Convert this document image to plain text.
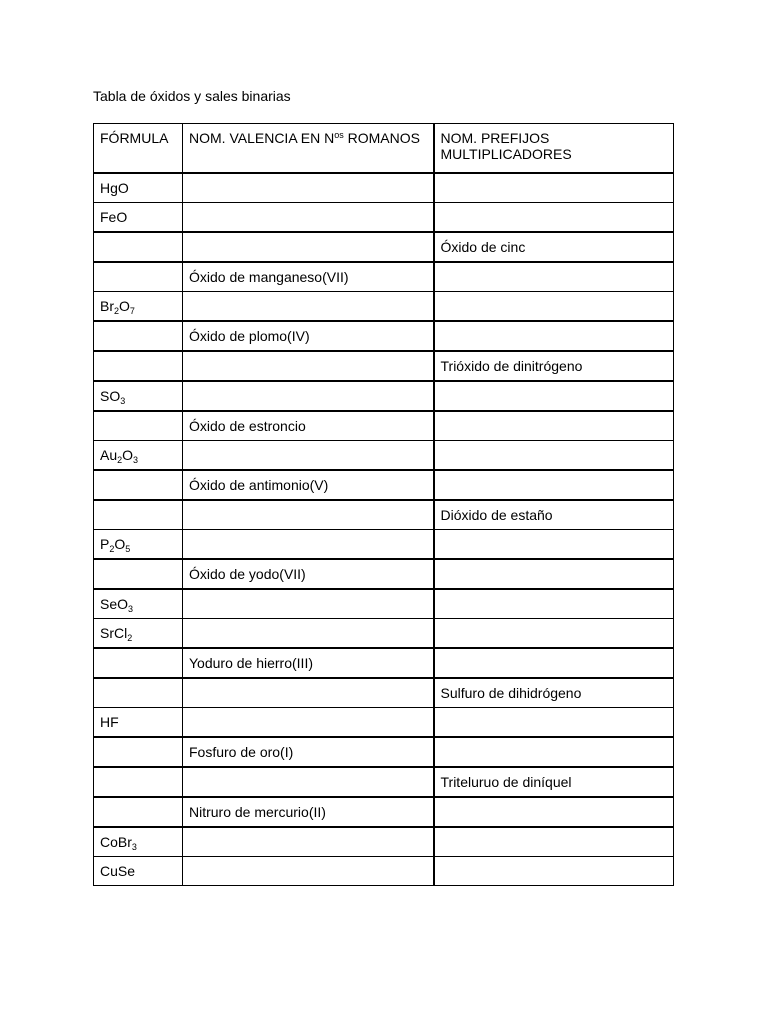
Tabla de óxidos y sales binarias
FÓRMULA	NOM. VALENCIA EN $N^{os}$ ROMANOS	NOM. PREFIJOS MULTIPLICADORES
HgO		
FeO		
		Óxido de cinc
	Óxido de manganeso(VII)	
$Br_2O_7$		
	Óxido de plomo(IV)	
		Trióxido de dinitrógeno
$SO_3$		
	Óxido de estroncio	
$Au_2O_3$		
	Óxido de antimonio(V)	
		Dióxido de estaño
$P_2O_5$		
	Óxido de yodo(VII)	
SeO$_3$		
SrCl$_2$		
	Yoduro de hierro(III)	
		Sulfuro de dihidrógeno
HF		
	Fosfuro de oro(I)	
		Triteluruo de diníquel
	Nitruro de mercurio(II)	
CoBr$_3$		
CuSe		
